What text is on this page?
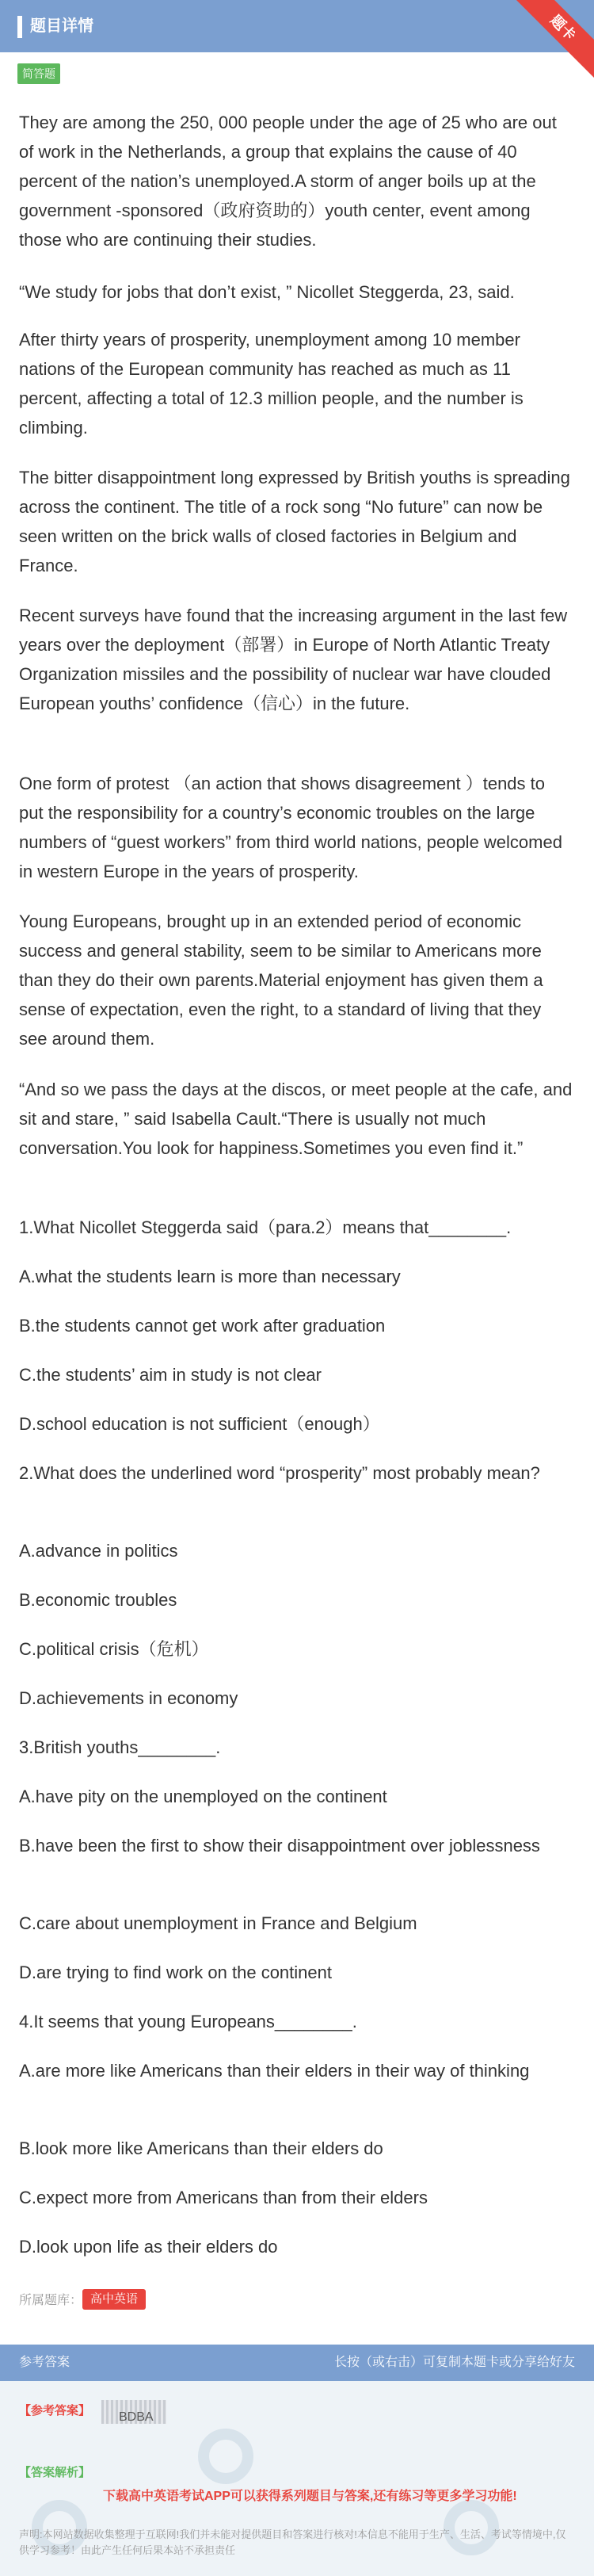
题目详情	题卡
简答题
They are among the 250, 000 people under the age of 25 who are out of work in the Netherlands, a group that explains the cause of 40 percent of the nation’s unemployed.A storm of anger boils up at the government -sponsored（政府资助的）youth center, event among those who are continuing their studies.
“We study for jobs that don’t exist, ” Nicollet Steggerda, 23, said.
After thirty years of prosperity, unemployment among 10 member nations of the European community has reached as much as 11 percent, affecting a total of 12.3 million people, and the number is climbing.
The bitter disappointment long expressed by British youths is spreading across the continent. The title of a rock song “No future” can now be seen written on the brick walls of closed factories in Belgium and France.
Recent surveys have found that the increasing argument in the last few years over the deployment（部署）in Europe of North Atlantic Treaty Organization missiles and the possibility of nuclear war have clouded European youths’ confidence（信心）in the future.
One form of protest （an action that shows disagreement ）tends to put the responsibility for a country’s economic troubles on the large numbers of “guest workers” from third world nations, people welcomed in western Europe in the years of prosperity.
Young Europeans, brought up in an extended period of economic success and general stability, seem to be similar to Americans more than they do their own parents.Material enjoyment has given them a sense of expectation, even the right, to a standard of living that they see around them.
“And so we pass the days at the discos, or meet people at the cafe, and sit and stare, ” said Isabella Cault.“There is usually not much conversation.You look for happiness.Sometimes you even find it.”
1.What Nicollet Steggerda said（para.2）means that________.
A.what the students learn is more than necessary
B.the students cannot get work after graduation
C.the students’ aim in study is not clear
D.school education is not sufficient（enough）
2.What does the underlined word “prosperity” most probably mean?
A.advance in politics
B.economic troubles
C.political crisis（危机）
D.achievements in economy
3.British youths________.
A.have pity on the unemployed on the continent
B.have been the first to show their disappointment over joblessness
C.care about unemployment in France and Belgium
D.are trying to find work on the continent
4.It seems that young Europeans________.
A.are more like Americans than their elders in their way of thinking
B.look more like Americans than their elders do
C.expect more from Americans than from their elders
D.look upon life as their elders do
所属题库： 高中英语
参考答案	长按（或右击）可复制本题卡或分享给好友
【参考答案】 BDBA
【答案解析】
下载高中英语考试APP可以获得系列题目与答案,还有练习等更多学习功能!
声明:本网站数据收集整理于互联网!我们并未能对提供题目和答案进行核对!本信息不能用于生产、生活、考试等情境中,仅供学习参考！由此产生任何后果本站不承担责任
